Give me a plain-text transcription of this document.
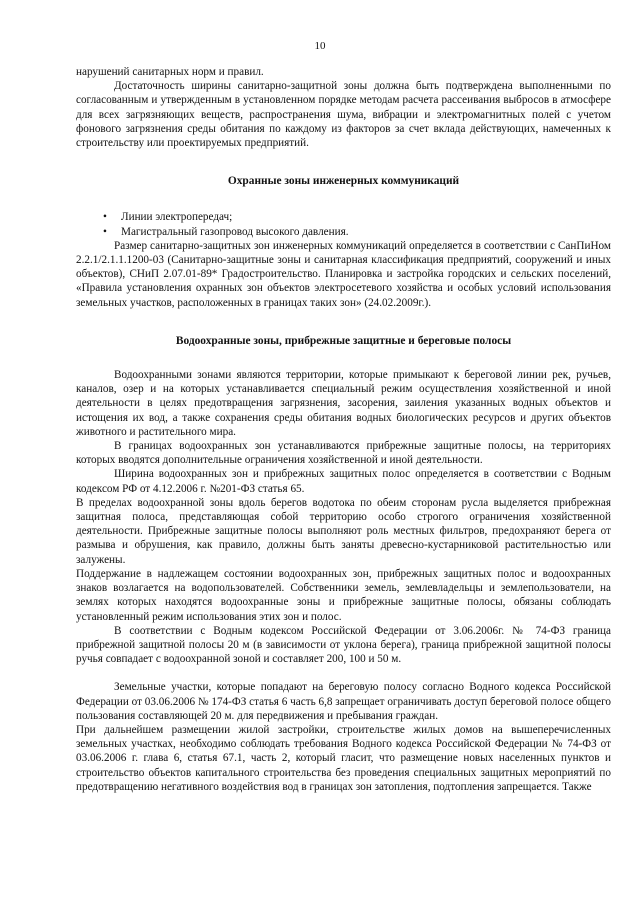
10

нарушений санитарных норм и правил.

Достаточность ширины санитарно-защитной зоны должна быть подтверждена выполненными по согласованным и утвержденным в установленном порядке методам расчета рассеивания выбросов в атмосфере для всех загрязняющих веществ, распространения шума, вибрации и электромагнитных полей с учетом фонового загрязнения среды обитания по каждому из факторов за счет вклада действующих, намеченных к строительству или проектируемых предприятий.

Охранные зоны инженерных коммуникаций
• Линии электропередач;
• Магистральный газопровод высокого давления.

Размер санитарно-защитных зон инженерных коммуникаций определяется в соответствии с СанПиНом 2.2.1/2.1.1.1200-03 (Санитарно-защитные зоны и санитарная классификация предприятий, сооружений и иных объектов), СНиП 2.07.01-89* Градостроительство. Планировка и застройка городских и сельских поселений, «Правила установления охранных зон объектов электросетевого хозяйства и особых условий использования земельных участков, расположенных в границах таких зон» (24.02.2009г.).

Водоохранные зоны, прибрежные защитные и береговые полосы

Водоохранными зонами являются территории, которые примыкают к береговой линии рек, ручьев, каналов, озер и на которых устанавливается специальный режим осуществления хозяйственной и иной деятельности в целях предотвращения загрязнения, засорения, заиления указанных водных объектов и истощения их вод, а также сохранения среды обитания водных биологических ресурсов и других объектов животного и растительного мира.

В границах водоохранных зон устанавливаются прибрежные защитные полосы, на территориях которых вводятся дополнительные ограничения хозяйственной и иной деятельности.

Ширина водоохранных зон и прибрежных защитных полос определяется в соответствии с Водным кодексом РФ от 4.12.2006 г. №201-ФЗ статья 65.

В пределах водоохранной зоны вдоль берегов водотока по обеим сторонам русла выделяется прибрежная защитная полоса, представляющая собой территорию особо строгого ограничения хозяйственной деятельности. Прибрежные защитные полосы выполняют роль местных фильтров, предохраняют берега от размыва и обрушения, как правило, должны быть заняты древесно-кустарниковой растительностью или залужены.

Поддержание в надлежащем состоянии водоохранных зон, прибрежных защитных полос и водоохранных знаков возлагается на водопользователей. Собственники земель, землевладельцы и землепользователи, на землях которых находятся водоохранные зоны и прибрежные защитные полосы, обязаны соблюдать установленный режим использования этих зон и полос.

В соответствии с Водным кодексом Российской Федерации от 3.06.2006г. № 74-ФЗ граница прибрежной защитной полосы 20 м (в зависимости от уклона берега), граница прибрежной защитной полосы ручья совпадает с водоохранной зоной и составляет 200, 100 и 50 м.

Земельные участки, которые попадают на береговую полосу согласно Водного кодекса Российской Федерации от 03.06.2006 № 174-ФЗ статья 6 часть 6,8 запрещает ограничивать доступ береговой полосе общего пользования составляющей 20 м. для передвижения и пребывания граждан.

При дальнейшем размещении жилой застройки, строительстве жилых домов на вышеперечисленных земельных участках, необходимо соблюдать требования Водного кодекса Российской Федерации № 74-ФЗ от 03.06.2006 г. глава 6, статья 67.1, часть 2, который гласит, что размещение новых населенных пунктов и строительство объектов капитального строительства без проведения специальных защитных мероприятий по предотвращению негативного воздействия вод в границах зон затопления, подтопления запрещается. Также
